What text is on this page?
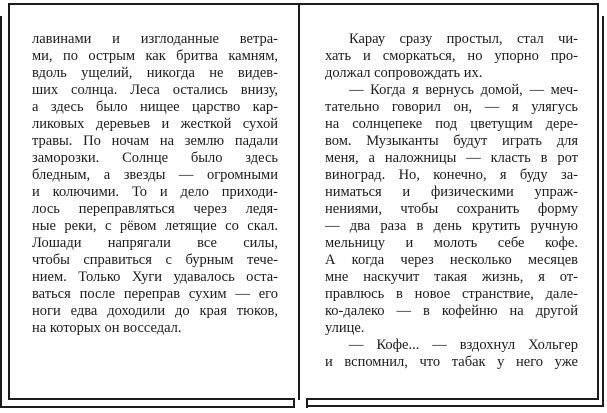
лавинами и изглоданные ветра-
ми, по острым как бритва камням,
вдоль ущелий, никогда не видев-
ших солнца. Леса остались внизу,
а здесь было нищее царство кар-
ликовых деревьев и жесткой сухой
травы. По ночам на землю падали
заморозки. Солнце было здесь
бледным, а звезды — огромными
и колючими. То и дело приходи-
лось переправляться через ледя-
ные реки, с рёвом летящие со скал.
Лошади напрягали все силы,
чтобы справиться с бурным тече-
нием. Только Хуги удавалось оста-
ваться после переправ сухим — его
ноги едва доходили до края тюков,
на которых он восседал.
Карау сразу простыл, стал чи-
хать и сморкаться, но упорно про-
должал сопровождать их.
— Когда я вернусь домой, — меч-
тательно говорил он, — я улягусь
на солнцепеке под цветущим дере-
вом. Музыканты будут играть для
меня, а наложницы — класть в рот
виноград. Но, конечно, я буду за-
ниматься и физическими упраж-
нениями, чтобы сохранить форму
— два раза в день крутить ручную
мельницу и молоть себе кофе.
А когда через несколько месяцев
мне наскучит такая жизнь, я от-
правлюсь в новое странствие, дале-
ко-далеко — в кофейню на другой
улице.
— Кофе... — вздохнул Хольгер
и вспомнил, что табак у него уже
